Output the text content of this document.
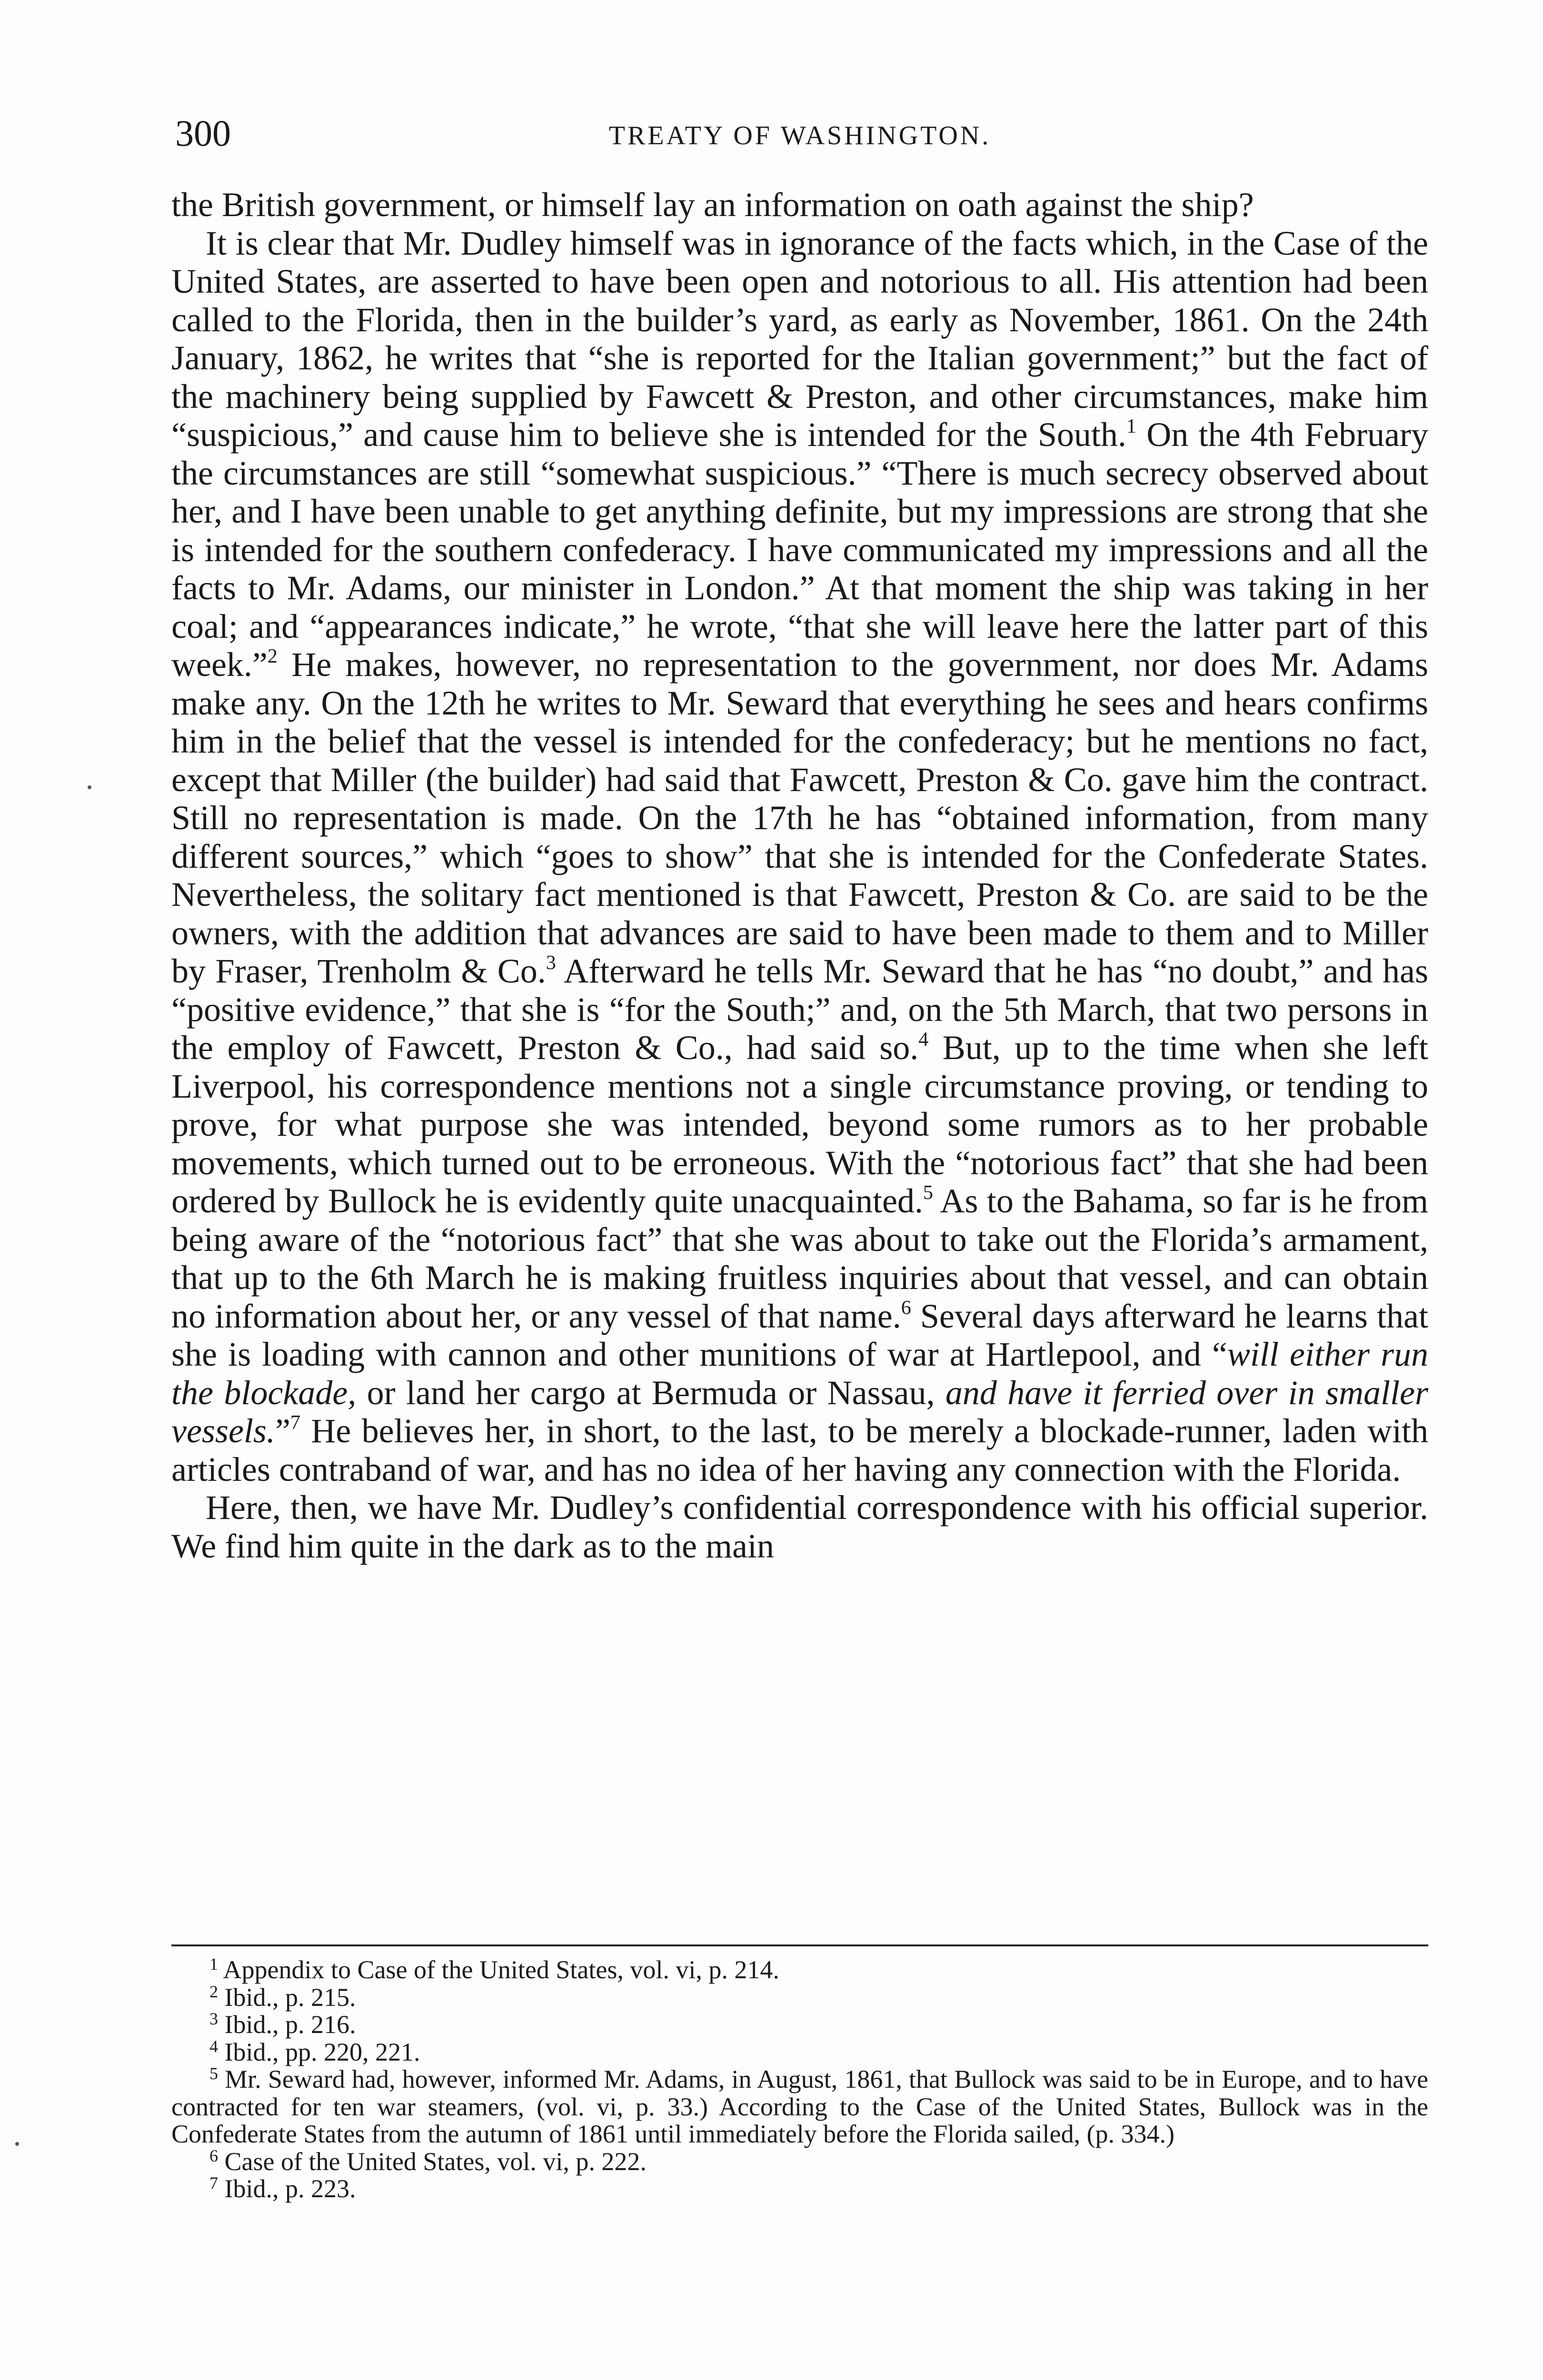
300	TREATY OF WASHINGTON.

the British government, or himself lay an information on oath against the ship?

It is clear that Mr. Dudley himself was in ignorance of the facts which, in the Case of the United States, are asserted to have been open and notorious to all. His attention had been called to the Florida, then in the builder’s yard, as early as November, 1861. On the 24th January, 1862, he writes that “she is reported for the Italian government;” but the fact of the machinery being supplied by Fawcett & Preston, and other circumstances, make him “suspicious,” and cause him to believe she is intended for the South.$^1$ On the 4th February the circumstances are still “somewhat suspicious.” “There is much secrecy observed about her, and I have been unable to get anything definite, but my impressions are strong that she is intended for the southern confederacy. I have communicated my impressions and all the facts to Mr. Adams, our minister in London.” At that moment the ship was taking in her coal; and “appearances indicate,” he wrote, “that she will leave here the latter part of this week.”$^2$ He makes, however, no representation to the government, nor does Mr. Adams make any. On the 12th he writes to Mr. Seward that everything he sees and hears confirms him in the belief that the vessel is intended for the confederacy; but he mentions no fact, except that Miller (the builder) had said that Fawcett, Preston & Co. gave him the contract. Still no representation is made. On the 17th he has “obtained information, from many different sources,” which “goes to show” that she is intended for the Confederate States. Nevertheless, the solitary fact mentioned is that Fawcett, Preston & Co. are said to be the owners, with the addition that advances are said to have been made to them and to Miller by Fraser, Trenholm & Co.$^3$ Afterward he tells Mr. Seward that he has “no doubt,” and has “positive evidence,” that she is “for the South;” and, on the 5th March, that two persons in the employ of Fawcett, Preston & Co., had said so.$^4$ But, up to the time when she left Liverpool, his correspondence mentions not a single circumstance proving, or tending to prove, for what purpose she was intended, beyond some rumors as to her probable movements, which turned out to be erroneous. With the “notorious fact” that she had been ordered by Bullock he is evidently quite unacquainted.$^5$ As to the Bahama, so far is he from being aware of the “notorious fact” that she was about to take out the Florida’s armament, that up to the 6th March he is making fruitless inquiries about that vessel, and can obtain no information about her, or any vessel of that name.$^6$ Several days afterward he learns that she is loading with cannon and other munitions of war at Hartlepool, and “will either run the blockade, or land her cargo at Bermuda or Nassau, and have it ferried over in smaller vessels.”$^7$ He believes her, in short, to the last, to be merely a blockade-runner, laden with articles contraband of war, and has no idea of her having any connection with the Florida.

Here, then, we have Mr. Dudley’s confidential correspondence with his official superior. We find him quite in the dark as to the main

$^1$ Appendix to Case of the United States, vol. vi, p. 214.

$^2$ Ibid., p. 215.

$^3$ Ibid., p. 216.

$^4$ Ibid., pp. 220, 221.

$^5$ Mr. Seward had, however, informed Mr. Adams, in August, 1861, that Bullock was said to be in Europe, and to have contracted for ten war steamers, (vol. vi, p. 33.) According to the Case of the United States, Bullock was in the Confederate States from the autumn of 1861 until immediately before the Florida sailed, (p. 334.)

$^6$ Case of the United States, vol. vi, p. 222.

$^7$ Ibid., p. 223.
